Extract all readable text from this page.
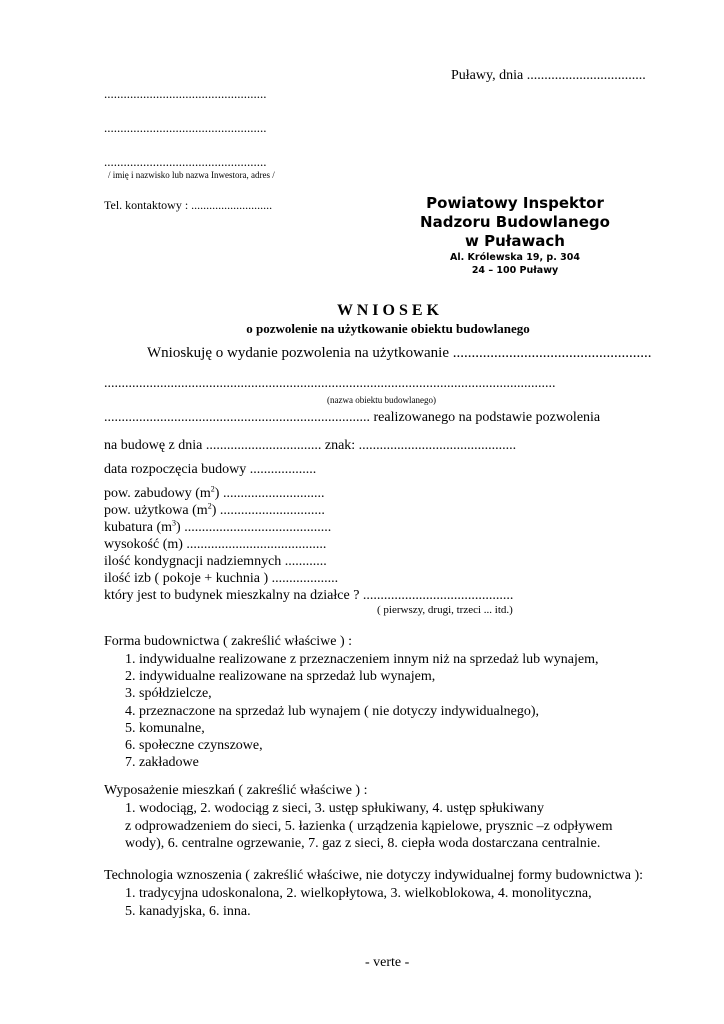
Puławy, dnia ..................................
..................................................
..................................................
..................................................
/ imię i nazwisko lub nazwa Inwestora, adres /
Tel. kontaktowy : ...........................	Powiatowy Inspektor
Nadzoru Budowlanego
w Puławach
Al. Królewska 19, p. 304
24 – 100 Puławy
W N I O S E K
o pozwolenie na użytkowanie obiektu budowlanego
Wnioskuję o wydanie pozwolenia na użytkowanie .....................................................
.................................................................................................................................
(nazwa obiektu budowlanego)
............................................................................ realizowanego na podstawie pozwolenia
na budowę z dnia ................................. znak: .............................................
data rozpoczęcia budowy ...................
pow. zabudowy $(m^2)$ .............................
pow. użytkowa $(m^2)$ ..............................
kubatura $(m^3)$ ..........................................
wysokość (m) ........................................
ilość kondygnacji nadziemnych ............
ilość izb ( pokoje + kuchnia ) ...................
który jest to budynek mieszkalny na działce ? ...........................................
( pierwszy, drugi, trzeci ... itd.)
Forma budownictwa ( zakreślić właściwe ) :
1. indywidualne realizowane z przeznaczeniem innym niż na sprzedaż lub wynajem,
2. indywidualne realizowane na sprzedaż lub wynajem,
3. spółdzielcze,
4. przeznaczone na sprzedaż lub wynajem ( nie dotyczy indywidualnego),
5. komunalne,
6. społeczne czynszowe,
7. zakładowe
Wyposażenie mieszkań ( zakreślić właściwe ) :
1. wodociąg, 2. wodociąg z sieci, 3. ustęp spłukiwany, 4. ustęp spłukiwany
z odprowadzeniem do sieci, 5. łazienka ( urządzenia kąpielowe, prysznic –z odpływem
wody), 6. centralne ogrzewanie, 7. gaz z sieci, 8. ciepła woda dostarczana centralnie.
Technologia wznoszenia ( zakreślić właściwe, nie dotyczy indywidualnej formy budownictwa ):
1. tradycyjna udoskonalona, 2. wielkopłytowa, 3. wielkoblokowa, 4. monolityczna,
5. kanadyjska, 6. inna.
- verte -
